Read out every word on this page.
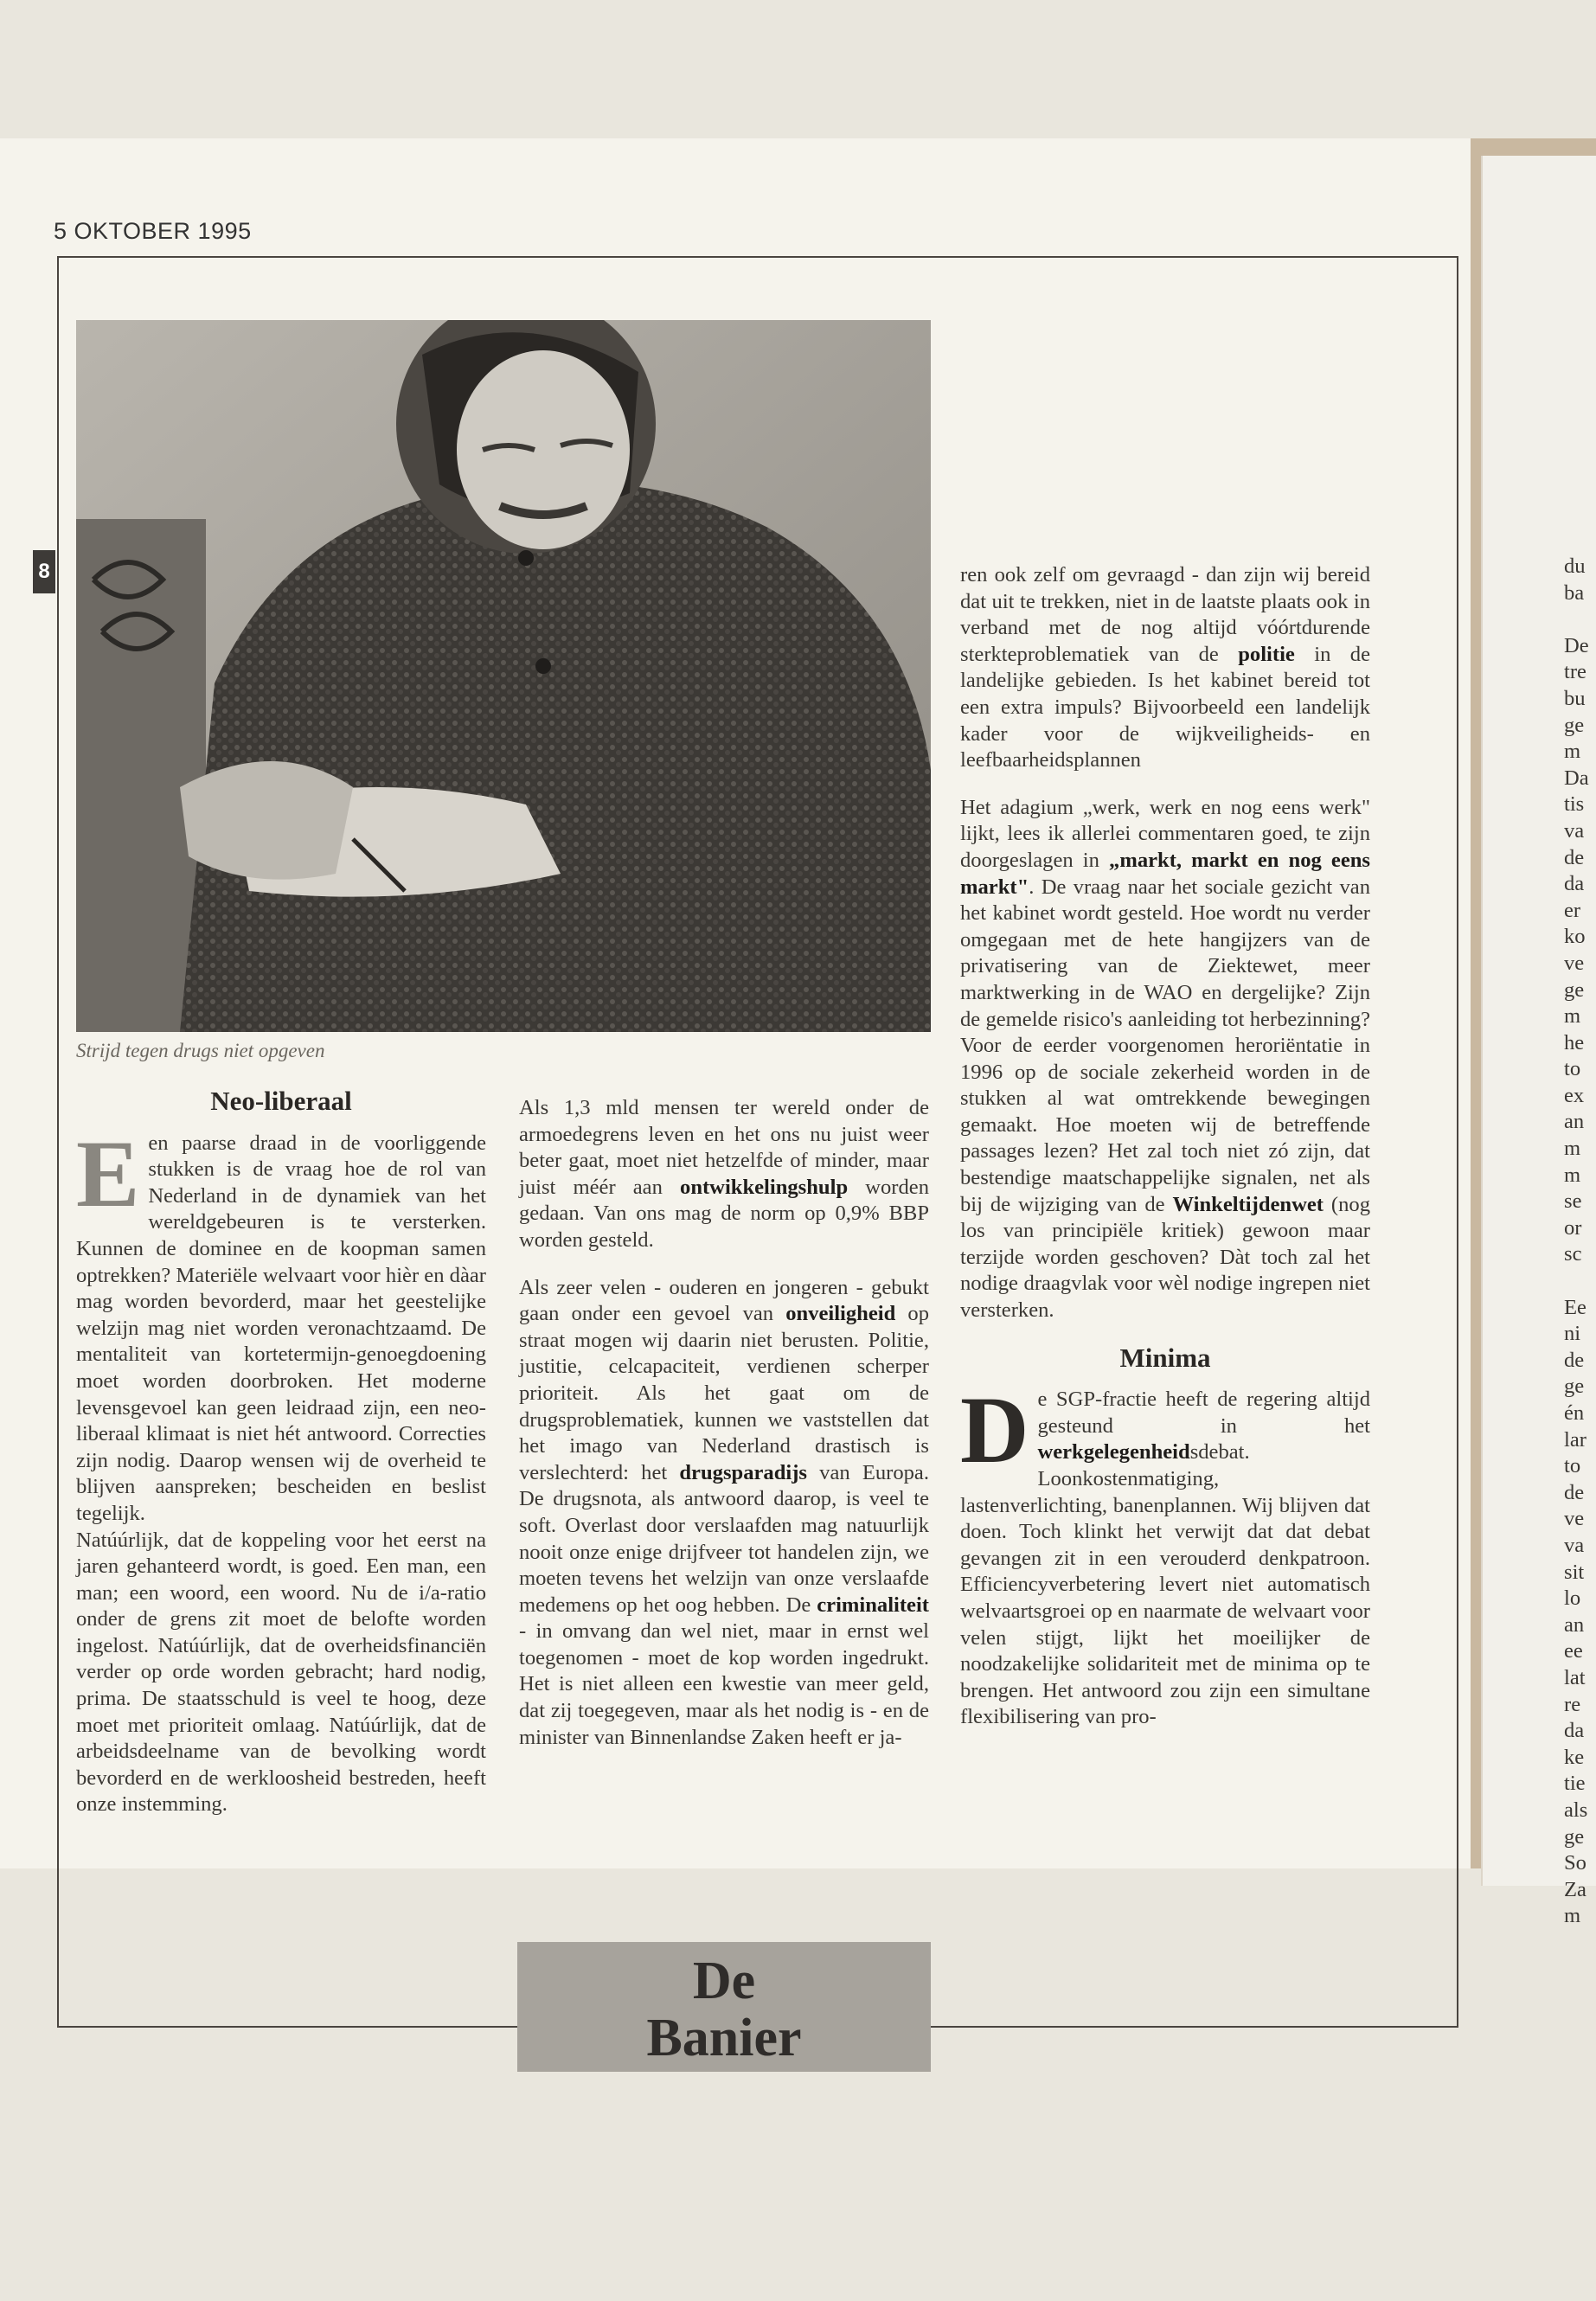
5 OKTOBER 1995
8
Strijd tegen drugs niet opgeven
Neo-liberaal

Een paarse draad in de voorliggende stukken is de vraag hoe de rol van Nederland in de dynamiek van het wereldgebeuren is te versterken. Kunnen de dominee en de koopman samen optrekken? Materiële welvaart voor hièr en dàar mag worden bevorderd, maar het geestelijke welzijn mag niet worden veronachtzaamd. De mentaliteit van kortetermijn-genoegdoening moet worden doorbroken. Het moderne levensgevoel kan geen leidraad zijn, een neo-liberaal klimaat is niet hét antwoord. Correcties zijn nodig. Daarop wensen wij de overheid te blijven aanspreken; bescheiden en beslist tegelijk.

Natúúrlijk, dat de koppeling voor het eerst na jaren gehanteerd wordt, is goed. Een man, een man; een woord, een woord. Nu de i/a-ratio onder de grens zit moet de belofte worden ingelost. Natúúrlijk, dat de overheidsfinanciën verder op orde worden gebracht; hard nodig, prima. De staatsschuld is veel te hoog, deze moet met prioriteit omlaag. Natúúrlijk, dat de arbeidsdeelname van de bevolking wordt bevorderd en de werkloosheid bestreden, heeft onze instemming.

Als 1,3 mld mensen ter wereld onder de armoedegrens leven en het ons nu juist weer beter gaat, moet niet hetzelfde of minder, maar juist méér aan ontwikkelingshulp worden gedaan. Van ons mag de norm op 0,9% BBP worden gesteld.

Als zeer velen - ouderen en jongeren - gebukt gaan onder een gevoel van onveiligheid op straat mogen wij daarin niet berusten. Politie, justitie, celcapaciteit, verdienen scherper prioriteit. Als het gaat om de drugsproblematiek, kunnen we vaststellen dat het imago van Nederland drastisch is verslechterd: het drugsparadijs van Europa. De drugsnota, als antwoord daarop, is veel te soft. Overlast door verslaafden mag natuurlijk nooit onze enige drijfveer tot handelen zijn, we moeten tevens het welzijn van onze verslaafde medemens op het oog hebben. De criminaliteit - in omvang dan wel niet, maar in ernst wel toegenomen - moet de kop worden ingedrukt. Het is niet alleen een kwestie van meer geld, dat zij toegegeven, maar als het nodig is - en de minister van Binnenlandse Zaken heeft er ja-

ren ook zelf om gevraagd - dan zijn wij bereid dat uit te trekken, niet in de laatste plaats ook in verband met de nog altijd vóórtdurende sterkteproblematiek van de politie in de landelijke gebieden. Is het kabinet bereid tot een extra impuls? Bijvoorbeeld een landelijk kader voor de wijkveiligheids- en leefbaarheidsplannen

Het adagium „werk, werk en nog eens werk" lijkt, lees ik allerlei commentaren goed, te zijn doorgeslagen in „markt, markt en nog eens markt". De vraag naar het sociale gezicht van het kabinet wordt gesteld. Hoe wordt nu verder omgegaan met de hete hangijzers van de privatisering van de Ziektewet, meer marktwerking in de WAO en dergelijke? Zijn de gemelde risico's aanleiding tot herbezinning? Voor de eerder voorgenomen heroriëntatie in 1996 op de sociale zekerheid worden in de stukken al wat omtrekkende bewegingen gemaakt. Hoe moeten wij de betreffende passages lezen? Het zal toch niet zó zijn, dat bestendige maatschappelijke signalen, net als bij de wijziging van de Winkeltijdenwet (nog los van principiële kritiek) gewoon maar terzijde worden geschoven? Dàt toch zal het nodige draagvlak voor wèl nodige ingrepen niet versterken.

Minima

De SGP-fractie heeft de regering altijd gesteund in het werkgelegenheidsdebat. Loonkostenmatiging, lastenverlichting, banenplannen. Wij blijven dat doen. Toch klinkt het verwijt dat dat debat gevangen zit in een verouderd denkpatroon. Efficiencyverbetering levert niet automatisch welvaartsgroei op en naarmate de welvaart voor velen stijgt, lijkt het moeilijker de noodzakelijke solidariteit met de minima op te brengen. Het antwoord zou zijn een simultane flexibilisering van pro-

De
Banier
du
ba

De
tre
bu
ge
m
Da
tis
va
de
da
er
ko
ve
ge
m
he
to
ex
an
m
m
se
or
sc

Ee
ni
de
ge
én
lar
to
de
ve
va
sit
lo
an
ee
lat
re
da
ke
tie
als
ge
So
Za
m
